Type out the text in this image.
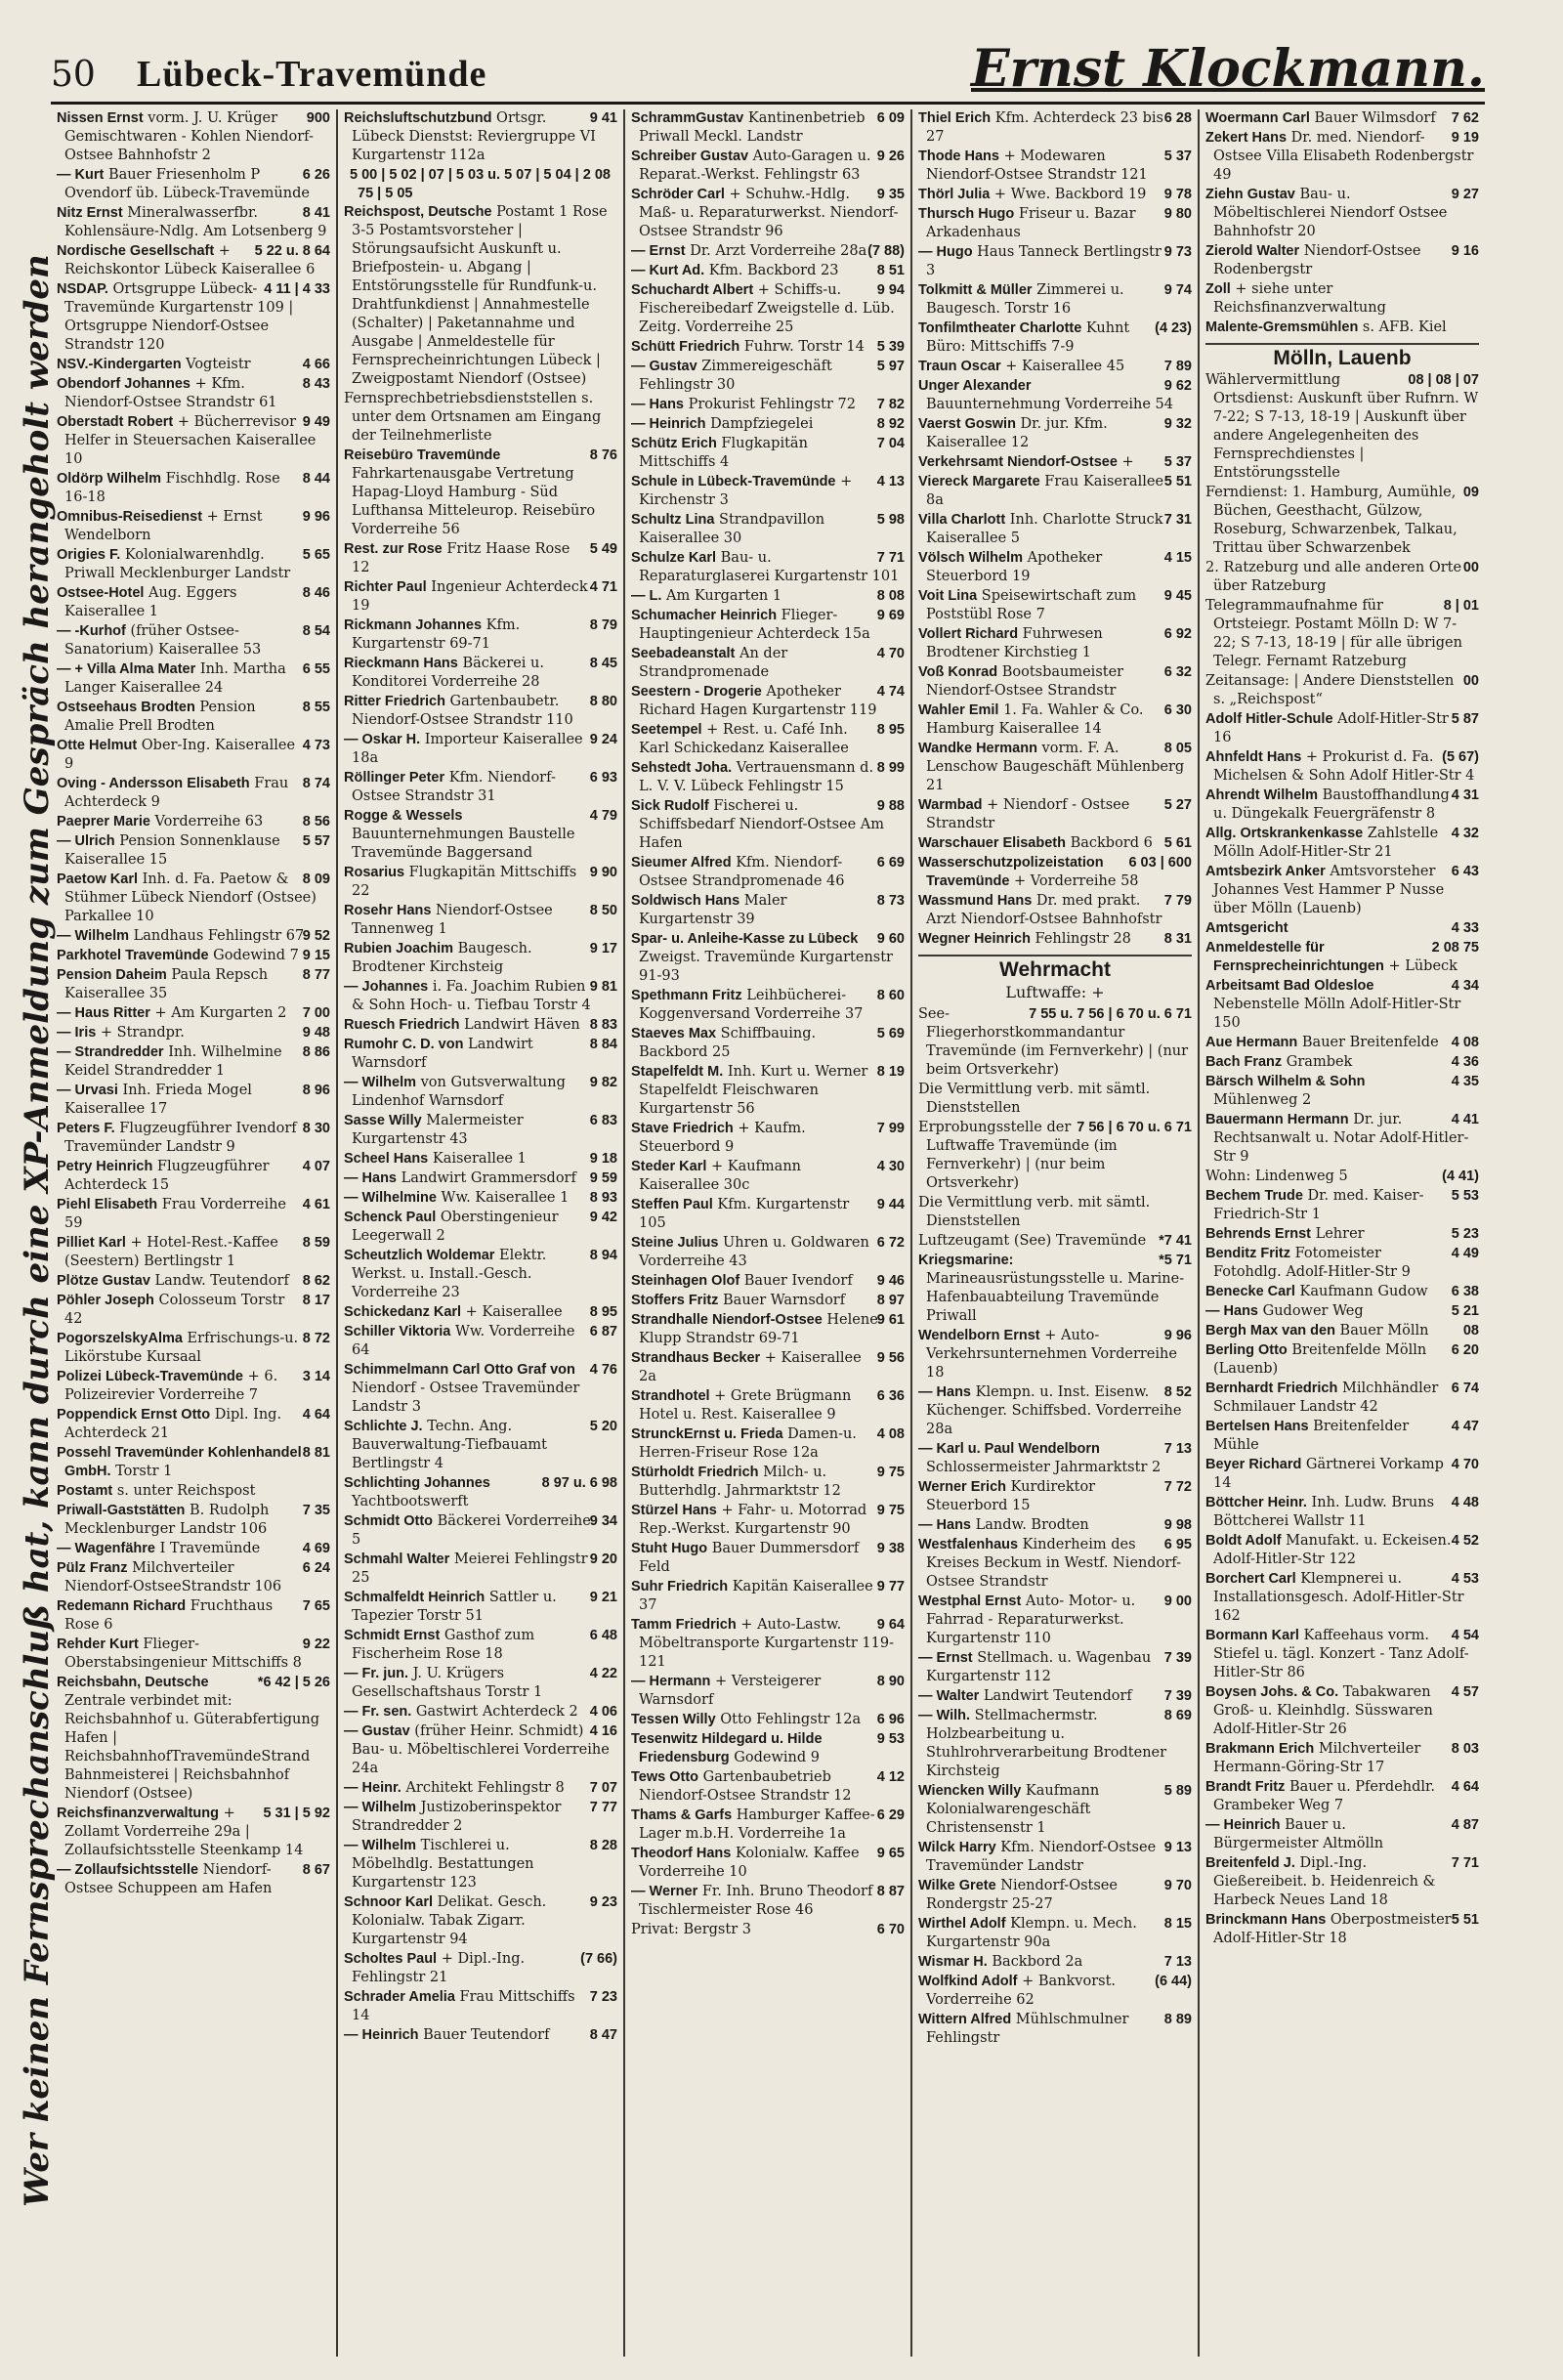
50 Lübeck-Travemünde	Ernst Klockmann.
Wer keinen Fernsprechanschluß hat, kann durch eine XP-Anmeldung zum Gespräch herangeholt werden
900
Nissen Ernst vorm. J. U. Krüger Gemischtwaren - Kohlen Niendorf-Ostsee Bahnhofstr 2
6 26
— Kurt Bauer Friesenholm P Ovendorf üb. Lübeck-Travemünde
8 41
Nitz Ernst Mineralwasserfbr. Kohlensäure-Ndlg. Am Lotsenberg 9
5 22 u. 8 64
Nordische Gesellschaft + Reichskontor Lübeck Kaiserallee 6
4 11 | 4 33
NSDAP. Ortsgruppe Lübeck-Travemünde Kurgartenstr 109 | Ortsgruppe Niendorf-Ostsee Strandstr 120
4 66
NSV.-Kindergarten Vogteistr
8 43
Obendorf Johannes + Kfm. Niendorf-Ostsee Strandstr 61
9 49
Oberstadt Robert + Bücherrevisor Helfer in Steuersachen Kaiserallee 10
8 44
Oldörp Wilhelm Fischhdlg. Rose 16-18
9 96
Omnibus-Reisedienst + Ernst Wendelborn
5 65
Origies F. Kolonialwarenhdlg. Priwall Mecklenburger Landstr
8 46
Ostsee-Hotel Aug. Eggers Kaiserallee 1
8 54
— -Kurhof (früher Ostsee-Sanatorium) Kaiserallee 53
6 55
— + Villa Alma Mater Inh. Martha Langer Kaiserallee 24
8 55
Ostseehaus Brodten Pension Amalie Prell Brodten
4 73
Otte Helmut Ober-Ing. Kaiserallee 9
8 74
Oving - Andersson Elisabeth Frau Achterdeck 9
8 56
Paeprer Marie Vorderreihe 63
5 57
— Ulrich Pension Sonnenklause Kaiserallee 15
8 09
Paetow Karl Inh. d. Fa. Paetow & Stühmer Lübeck Niendorf (Ostsee) Parkallee 10
9 52
— Wilhelm Landhaus Fehlingstr 67
9 15
Parkhotel Travemünde Godewind 7
8 77
Pension Daheim Paula Repsch Kaiserallee 35
7 00
— Haus Ritter + Am Kurgarten 2
9 48
— Iris + Strandpr.
8 86
— Strandredder Inh. Wilhelmine Keidel Strandredder 1
8 96
— Urvasi Inh. Frieda Mogel Kaiserallee 17
8 30
Peters F. Flugzeugführer Ivendorf Travemünder Landstr 9
4 07
Petry Heinrich Flugzeugführer Achterdeck 15
4 61
Piehl Elisabeth Frau Vorderreihe 59
8 59
Pilliet Karl + Hotel-Rest.-Kaffee (Seestern) Bertlingstr 1
8 62
Plötze Gustav Landw. Teutendorf
8 17
Pöhler Joseph Colosseum Torstr 42
8 72
PogorszelskyAlma Erfrischungs-u. Likörstube Kursaal
3 14
Polizei Lübeck-Travemünde + 6. Polizeirevier Vorderreihe 7
4 64
Poppendick Ernst Otto Dipl. Ing. Achterdeck 21
8 81
Possehl Travemünder Kohlenhandel GmbH. Torstr 1
Postamt s. unter Reichspost
7 35
Priwall-Gaststätten B. Rudolph Mecklenburger Landstr 106
4 69
— Wagenfähre I Travemünde
6 24
Pülz Franz Milchverteiler Niendorf-OstseeStrandstr 106
7 65
Redemann Richard Fruchthaus Rose 6
9 22
Rehder Kurt Flieger-Oberstabsingenieur Mittschiffs 8
*6 42 | 5 26
Reichsbahn, Deutsche Zentrale verbindet mit: Reichsbahnhof u. Güterabfertigung Hafen | ReichsbahnhofTravemündeStrand Bahnmeisterei | Reichsbahnhof Niendorf (Ostsee)
5 31 | 5 92
Reichsfinanzverwaltung + Zollamt Vorderreihe 29a | Zollaufsichtsstelle Steenkamp 14
8 67
— Zollaufsichtsstelle Niendorf-Ostsee Schuppeen am Hafen
9 41
Reichsluftschutzbund Ortsgr. Lübeck Dienstst: Reviergruppe VI Kurgartenstr 112a
5 00 | 5 02 | 07 | 5 03 u. 5 07 | 5 04 | 2 08 75 | 5 05
Reichspost, Deutsche Postamt 1 Rose 3-5 Postamtsvorsteher | Störungsaufsicht Auskunft u. Briefpostein- u. Abgang | Entstörungsstelle für Rundfunk-u. Drahtfunkdienst | Annahmestelle (Schalter) | Paketannahme und Ausgabe | Anmeldestelle für Fernsprecheinrichtungen Lübeck | Zweigpostamt Niendorf (Ostsee)
Fernsprechbetriebsdienststellen s. unter dem Ortsnamen am Eingang der Teilnehmerliste
8 76
Reisebüro Travemünde Fahrkartenausgabe Vertretung Hapag-Lloyd Hamburg - Süd Lufthansa Mitteleurop. Reisebüro Vorderreihe 56
5 49
Rest. zur Rose Fritz Haase Rose 12
4 71
Richter Paul Ingenieur Achterdeck 19
8 79
Rickmann Johannes Kfm. Kurgartenstr 69-71
8 45
Rieckmann Hans Bäckerei u. Konditorei Vorderreihe 28
8 80
Ritter Friedrich Gartenbaubetr. Niendorf-Ostsee Strandstr 110
9 24
— Oskar H. Importeur Kaiserallee 18a
6 93
Röllinger Peter Kfm. Niendorf-Ostsee Strandstr 31
4 79
Rogge & Wessels Bauunternehmungen Baustelle Travemünde Baggersand
9 90
Rosarius Flugkapitän Mittschiffs 22
8 50
Rosehr Hans Niendorf-Ostsee Tannenweg 1
9 17
Rubien Joachim Baugesch. Brodtener Kirchsteig
9 81
— Johannes i. Fa. Joachim Rubien & Sohn Hoch- u. Tiefbau Torstr 4
8 83
Ruesch Friedrich Landwirt Häven
8 84
Rumohr C. D. von Landwirt Warnsdorf
9 82
— Wilhelm von Gutsverwaltung Lindenhof Warnsdorf
6 83
Sasse Willy Malermeister Kurgartenstr 43
9 18
Scheel Hans Kaiserallee 1
9 59
— Hans Landwirt Grammersdorf
8 93
— Wilhelmine Ww. Kaiserallee 1
9 42
Schenck Paul Oberstingenieur Leegerwall 2
8 94
Scheutzlich Woldemar Elektr. Werkst. u. Install.-Gesch. Vorderreihe 23
8 95
Schickedanz Karl + Kaiserallee
6 87
Schiller Viktoria Ww. Vorderreihe 64
4 76
Schimmelmann Carl Otto Graf von Niendorf - Ostsee Travemünder Landstr 3
5 20
Schlichte J. Techn. Ang. Bauverwaltung-Tiefbauamt Bertlingstr 4
8 97 u. 6 98
Schlichting Johannes Yachtbootswerft
9 34
Schmidt Otto Bäckerei Vorderreihe 5
9 20
Schmahl Walter Meierei Fehlingstr 25
9 21
Schmalfeldt Heinrich Sattler u. Tapezier Torstr 51
6 48
Schmidt Ernst Gasthof zum Fischerheim Rose 18
4 22
— Fr. jun. J. U. Krügers Gesellschaftshaus Torstr 1
4 06
— Fr. sen. Gastwirt Achterdeck 2
4 16
— Gustav (früher Heinr. Schmidt) Bau- u. Möbeltischlerei Vorderreihe 24a
7 07
— Heinr. Architekt Fehlingstr 8
7 77
— Wilhelm Justizoberinspektor Strandredder 2
8 28
— Wilhelm Tischlerei u. Möbelhdlg. Bestattungen Kurgartenstr 123
9 23
Schnoor Karl Delikat. Gesch. Kolonialw. Tabak Zigarr. Kurgartenstr 94
(7 66)
Scholtes Paul + Dipl.-Ing. Fehlingstr 21
7 23
Schrader Amelia Frau Mittschiffs 14
8 47
— Heinrich Bauer Teutendorf
6 09
SchrammGustav Kantinenbetrieb Priwall Meckl. Landstr
9 26
Schreiber Gustav Auto-Garagen u. Reparat.-Werkst. Fehlingstr 63
9 35
Schröder Carl + Schuhw.-Hdlg. Maß- u. Reparaturwerkst. Niendorf-Ostsee Strandstr 96
(7 88)
— Ernst Dr. Arzt Vorderreihe 28a
8 51
— Kurt Ad. Kfm. Backbord 23
9 94
Schuchardt Albert + Schiffs-u. Fischereibedarf Zweigstelle d. Lüb. Zeitg. Vorderreihe 25
5 39
Schütt Friedrich Fuhrw. Torstr 14
5 97
— Gustav Zimmereigeschäft Fehlingstr 30
7 82
— Hans Prokurist Fehlingstr 72
8 92
— Heinrich Dampfziegelei
7 04
Schütz Erich Flugkapitän Mittschiffs 4
4 13
Schule in Lübeck-Travemünde + Kirchenstr 3
5 98
Schultz Lina Strandpavillon Kaiserallee 30
7 71
Schulze Karl Bau- u. Reparaturglaserei Kurgartenstr 101
8 08
— L. Am Kurgarten 1
9 69
Schumacher Heinrich Flieger-Hauptingenieur Achterdeck 15a
4 70
Seebadeanstalt An der Strandpromenade
4 74
Seestern - Drogerie Apotheker Richard Hagen Kurgartenstr 119
8 95
Seetempel + Rest. u. Café Inh. Karl Schickedanz Kaiserallee
8 99
Sehstedt Joha. Vertrauensmann d. L. V. V. Lübeck Fehlingstr 15
9 88
Sick Rudolf Fischerei u. Schiffsbedarf Niendorf-Ostsee Am Hafen
6 69
Sieumer Alfred Kfm. Niendorf-Ostsee Strandpromenade 46
8 73
Soldwisch Hans Maler Kurgartenstr 39
9 60
Spar- u. Anleihe-Kasse zu Lübeck Zweigst. Travemünde Kurgartenstr 91-93
8 60
Spethmann Fritz Leihbücherei-Koggenversand Vorderreihe 37
5 69
Staeves Max Schiffbauing. Backbord 25
8 19
Stapelfeldt M. Inh. Kurt u. Werner Stapelfeldt Fleischwaren Kurgartenstr 56
7 99
Stave Friedrich + Kaufm. Steuerbord 9
4 30
Steder Karl + Kaufmann Kaiserallee 30c
9 44
Steffen Paul Kfm. Kurgartenstr 105
6 72
Steine Julius Uhren u. Goldwaren Vorderreihe 43
9 46
Steinhagen Olof Bauer Ivendorf
8 97
Stoffers Fritz Bauer Warnsdorf
9 61
Strandhalle Niendorf-Ostsee Helene Klupp Strandstr 69-71
9 56
Strandhaus Becker + Kaiserallee 2a
6 36
Strandhotel + Grete Brügmann Hotel u. Rest. Kaiserallee 9
4 08
StrunckErnst u. Frieda Damen-u. Herren-Friseur Rose 12a
9 75
Stürholdt Friedrich Milch- u. Butterhdlg. Jahrmarktstr 12
9 75
Stürzel Hans + Fahr- u. Motorrad Rep.-Werkst. Kurgartenstr 90
9 38
Stuht Hugo Bauer Dummersdorf Feld
9 77
Suhr Friedrich Kapitän Kaiserallee 37
9 64
Tamm Friedrich + Auto-Lastw. Möbeltransporte Kurgartenstr 119-121
8 90
— Hermann + Versteigerer Warnsdorf
6 96
Tessen Willy Otto Fehlingstr 12a
9 53
Tesenwitz Hildegard u. Hilde Friedensburg Godewind 9
4 12
Tews Otto Gartenbaubetrieb Niendorf-Ostsee Strandstr 12
6 29
Thams & Garfs Hamburger Kaffee-Lager m.b.H. Vorderreihe 1a
9 65
Theodorf Hans Kolonialw. Kaffee Vorderreihe 10
8 87
— Werner Fr. Inh. Bruno Theodorf Tischlermeister Rose 46
6 70
Privat: Bergstr 3
6 28
Thiel Erich Kfm. Achterdeck 23 bis 27
5 37
Thode Hans + Modewaren Niendorf-Ostsee Strandstr 121
9 78
Thörl Julia + Wwe. Backbord 19
9 80
Thursch Hugo Friseur u. Bazar Arkadenhaus
9 73
— Hugo Haus Tanneck Bertlingstr 3
9 74
Tolkmitt & Müller Zimmerei u. Baugesch. Torstr 16
(4 23)
Tonfilmtheater Charlotte Kuhnt Büro: Mittschiffs 7-9
7 89
Traun Oscar + Kaiserallee 45
9 62
Unger Alexander Bauunternehmung Vorderreihe 54
9 32
Vaerst Goswin Dr. jur. Kfm. Kaiserallee 12
5 37
Verkehrsamt Niendorf-Ostsee +
5 51
Viereck Margarete Frau Kaiserallee 8a
7 31
Villa Charlott Inh. Charlotte Struck Kaiserallee 5
4 15
Völsch Wilhelm Apotheker Steuerbord 19
9 45
Voit Lina Speisewirtschaft zum Poststübl Rose 7
6 92
Vollert Richard Fuhrwesen Brodtener Kirchstieg 1
6 32
Voß Konrad Bootsbaumeister Niendorf-Ostsee Strandstr
6 30
Wahler Emil 1. Fa. Wahler & Co. Hamburg Kaiserallee 14
8 05
Wandke Hermann vorm. F. A. Lenschow Baugeschäft Mühlenberg 21
5 27
Warmbad + Niendorf - Ostsee Strandstr
5 61
Warschauer Elisabeth Backbord 6
6 03 | 600
Wasserschutzpolizeistation Travemünde + Vorderreihe 58
7 79
Wassmund Hans Dr. med prakt. Arzt Niendorf-Ostsee Bahnhofstr
8 31
Wegner Heinrich Fehlingstr 28
Wehrmacht
Luftwaffe: +
7 55 u. 7 56 | 6 70 u. 6 71
See-Fliegerhorstkommandantur Travemünde (im Fernverkehr) | (nur beim Ortsverkehr)
Die Vermittlung verb. mit sämtl. Dienststellen
7 56 | 6 70 u. 6 71
Erprobungsstelle der Luftwaffe Travemünde (im Fernverkehr) | (nur beim Ortsverkehr)
Die Vermittlung verb. mit sämtl. Dienststellen
*7 41
Luftzeugamt (See) Travemünde
*5 71
Kriegsmarine: Marineausrüstungsstelle u. Marine-Hafenbauabteilung Travemünde Priwall
9 96
Wendelborn Ernst + Auto-Verkehrsunternehmen Vorderreihe 18
8 52
— Hans Klempn. u. Inst. Eisenw. Küchenger. Schiffsbed. Vorderreihe 28a
7 13
— Karl u. Paul Wendelborn Schlossermeister Jahrmarktstr 2
7 72
Werner Erich Kurdirektor Steuerbord 15
9 98
— Hans Landw. Brodten
6 95
Westfalenhaus Kinderheim des Kreises Beckum in Westf. Niendorf-Ostsee Strandstr
9 00
Westphal Ernst Auto- Motor- u. Fahrrad - Reparaturwerkst. Kurgartenstr 110
7 39
— Ernst Stellmach. u. Wagenbau Kurgartenstr 112
7 39
— Walter Landwirt Teutendorf
8 69
— Wilh. Stellmachermstr. Holzbearbeitung u. Stuhlrohrverarbeitung Brodtener Kirchsteig
5 89
Wiencken Willy Kaufmann Kolonialwarengeschäft Christensenstr 1
9 13
Wilck Harry Kfm. Niendorf-Ostsee Travemünder Landstr
9 70
Wilke Grete Niendorf-Ostsee Rondergstr 25-27
8 15
Wirthel Adolf Klempn. u. Mech. Kurgartenstr 90a
7 13
Wismar H. Backbord 2a
(6 44)
Wolfkind Adolf + Bankvorst. Vorderreihe 62
8 89
Wittern Alfred Mühlschmulner Fehlingstr
7 62
Woermann Carl Bauer Wilmsdorf
9 19
Zekert Hans Dr. med. Niendorf-Ostsee Villa Elisabeth Rodenbergstr 49
9 27
Ziehn Gustav Bau- u. Möbeltischlerei Niendorf Ostsee Bahnhofstr 20
9 16
Zierold Walter Niendorf-Ostsee Rodenbergstr
Zoll + siehe unter Reichsfinanzverwaltung
Malente-Gremsmühlen s. AFB. Kiel
Mölln, Lauenb
08 | 08 | 07
Wählervermittlung Ortsdienst: Auskunft über Rufnrn. W 7-22; S 7-13, 18-19 | Auskunft über andere Angelegenheiten des Fernsprechdienstes | Entstörungsstelle
09
Ferndienst: 1. Hamburg, Aumühle, Büchen, Geesthacht, Gülzow, Roseburg, Schwarzenbek, Talkau, Trittau über Schwarzenbek
00
2. Ratzeburg und alle anderen Orte über Ratzeburg
8 | 01
Telegrammaufnahme für Ortsteiegr. Postamt Mölln D: W 7-22; S 7-13, 18-19 | für alle übrigen Telegr. Fernamt Ratzeburg
00
Zeitansage: | Andere Dienststellen s. „Reichspost“
5 87
Adolf Hitler-Schule Adolf-Hitler-Str 16
(5 67)
Ahnfeldt Hans + Prokurist d. Fa. Michelsen & Sohn Adolf Hitler-Str 4
4 31
Ahrendt Wilhelm Baustoffhandlung u. Düngekalk Feuergräfenstr 8
4 32
Allg. Ortskrankenkasse Zahlstelle Mölln Adolf-Hitler-Str 21
6 43
Amtsbezirk Anker Amtsvorsteher Johannes Vest Hammer P Nusse über Mölln (Lauenb)
4 33
Amtsgericht
2 08 75
Anmeldestelle für Fernsprecheinrichtungen + Lübeck
4 34
Arbeitsamt Bad Oldesloe Nebenstelle Mölln Adolf-Hitler-Str 150
4 08
Aue Hermann Bauer Breitenfelde
4 36
Bach Franz Grambek
4 35
Bärsch Wilhelm & Sohn Mühlenweg 2
4 41
Bauermann Hermann Dr. jur. Rechtsanwalt u. Notar Adolf-Hitler-Str 9
(4 41)
Wohn: Lindenweg 5
5 53
Bechem Trude Dr. med. Kaiser-Friedrich-Str 1
5 23
Behrends Ernst Lehrer
4 49
Benditz Fritz Fotomeister Fotohdlg. Adolf-Hitler-Str 9
6 38
Benecke Carl Kaufmann Gudow
5 21
— Hans Gudower Weg
08
Bergh Max van den Bauer Mölln
6 20
Berling Otto Breitenfelde Mölln (Lauenb)
6 74
Bernhardt Friedrich Milchhändler Schmilauer Landstr 42
4 47
Bertelsen Hans Breitenfelder Mühle
4 70
Beyer Richard Gärtnerei Vorkamp 14
4 48
Böttcher Heinr. Inh. Ludw. Bruns Böttcherei Wallstr 11
4 52
Boldt Adolf Manufakt. u. Eckeisen. Adolf-Hitler-Str 122
4 53
Borchert Carl Klempnerei u. Installationsgesch. Adolf-Hitler-Str 162
4 54
Bormann Karl Kaffeehaus vorm. Stiefel u. tägl. Konzert - Tanz Adolf-Hitler-Str 86
4 57
Boysen Johs. & Co. Tabakwaren Groß- u. Kleinhdlg. Süsswaren Adolf-Hitler-Str 26
8 03
Brakmann Erich Milchverteiler Hermann-Göring-Str 17
4 64
Brandt Fritz Bauer u. Pferdehdlr. Grambeker Weg 7
4 87
— Heinrich Bauer u. Bürgermeister Altmölln
7 71
Breitenfeld J. Dipl.-Ing. Gießereibeit. b. Heidenreich & Harbeck Neues Land 18
5 51
Brinckmann Hans Oberpostmeister Adolf-Hitler-Str 18
